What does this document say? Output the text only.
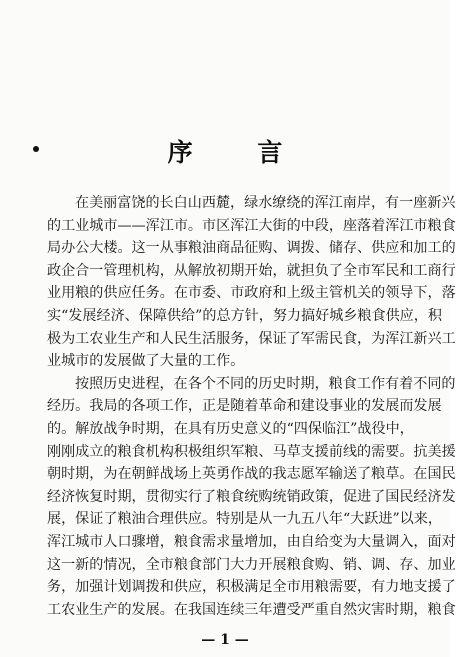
序 言
在美丽富饶的长白山西麓，绿水缭绕的浑江南岸，有一座新兴
的工业城市——浑江市。市区浑江大街的中段，座落着浑江市粮食
局办公大楼。这一从事粮油商品征购、调拨、储存、供应和加工的
政企合一管理机构，从解放初期开始，就担负了全市军民和工商行
业用粮的供应任务。在市委、市政府和上级主管机关的领导下，落
实“发展经济、保障供给”的总方针，努力搞好城乡粮食供应，积
极为工农业生产和人民生活服务，保证了军需民食，为浑江新兴工
业城市的发展做了大量的工作。
按照历史进程，在各个不同的历史时期，粮食工作有着不同的
经历。我局的各项工作，正是随着革命和建设事业的发展而发展
的。解放战争时期，在具有历史意义的“四保临江”战役中，
刚刚成立的粮食机构积极组织军粮、马草支援前线的需要。抗美援
朝时期，为在朝鲜战场上英勇作战的我志愿军输送了粮草。在国民
经济恢复时期，贯彻实行了粮食统购统销政策，促进了国民经济发
展，保证了粮油合理供应。特别是从一九五八年“大跃进”以来，
浑江城市人口骤增，粮食需求量增加，由自给变为大量调入，面对
这一新的情况，全市粮食部门大力开展粮食购、销、调、存、加业
务，加强计划调拨和供应，积极满足全市用粮需要，有力地支援了
工农业生产的发展。在我国连续三年遭受严重自然灾害时期，粮食
— 1 —
